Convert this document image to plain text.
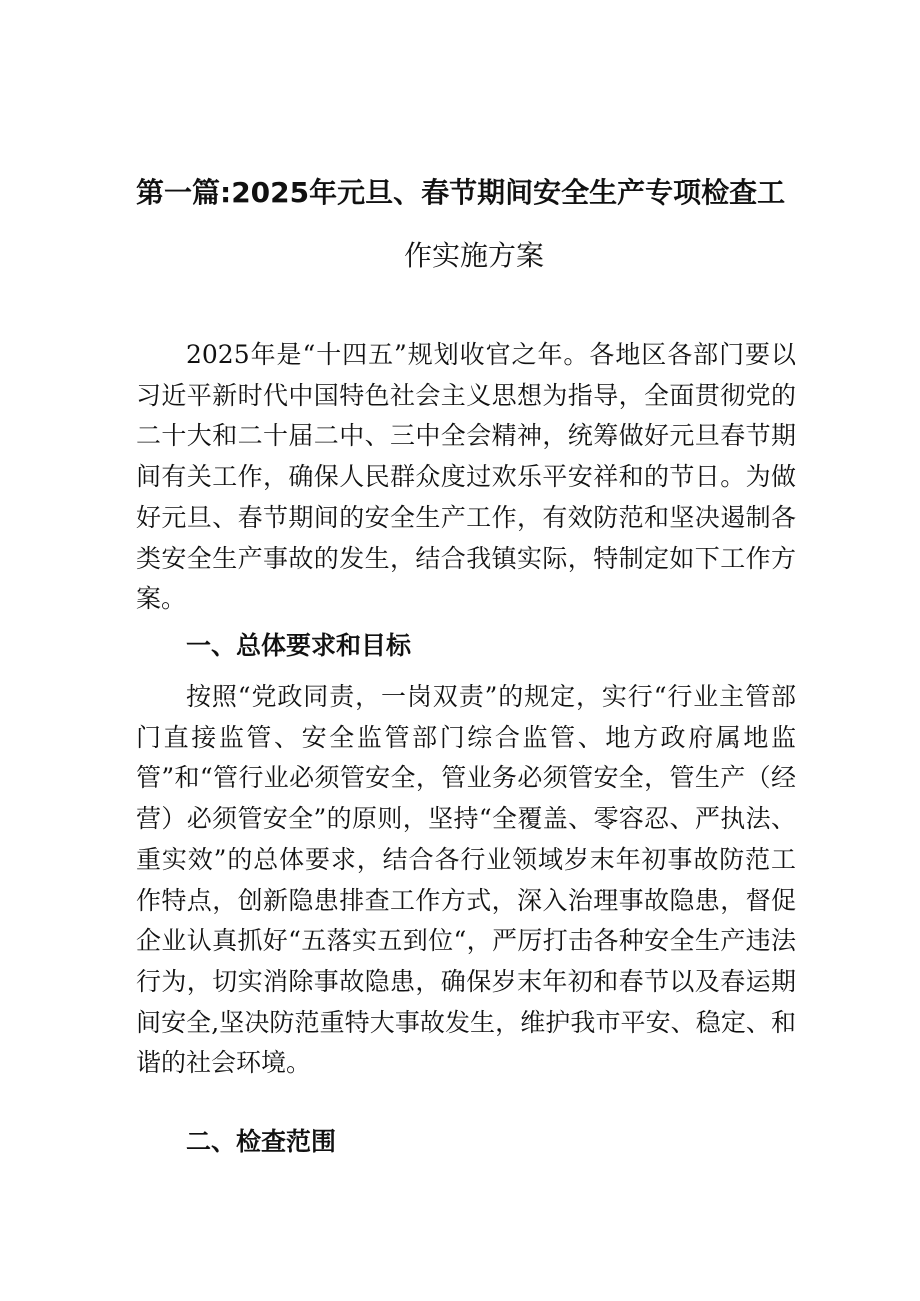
第一篇:2025年元旦、春节期间安全生产专项检查工
作实施方案

2025年是“十四五”规划收官之年。各地区各部门要以习近平新时代中国特色社会主义思想为指导，全面贯彻党的二十大和二十届二中、三中全会精神，统筹做好元旦春节期间有关工作，确保人民群众度过欢乐平安祥和的节日。为做好元旦、春节期间的安全生产工作，有效防范和坚决遏制各类安全生产事故的发生，结合我镇实际，特制定如下工作方案。

一、总体要求和目标

按照“党政同责，一岗双责”的规定，实行“行业主管部门直接监管、安全监管部门综合监管、地方政府属地监管”和“管行业必须管安全，管业务必须管安全，管生产（经营）必须管安全”的原则，坚持“全覆盖、零容忍、严执法、重实效”的总体要求，结合各行业领域岁末年初事故防范工作特点，创新隐患排查工作方式，深入治理事故隐患，督促企业认真抓好“五落实五到位“，严厉打击各种安全生产违法行为，切实消除事故隐患，确保岁末年初和春节以及春运期间安全,坚决防范重特大事故发生，维护我市平安、稳定、和谐的社会环境。

二、检查范围
